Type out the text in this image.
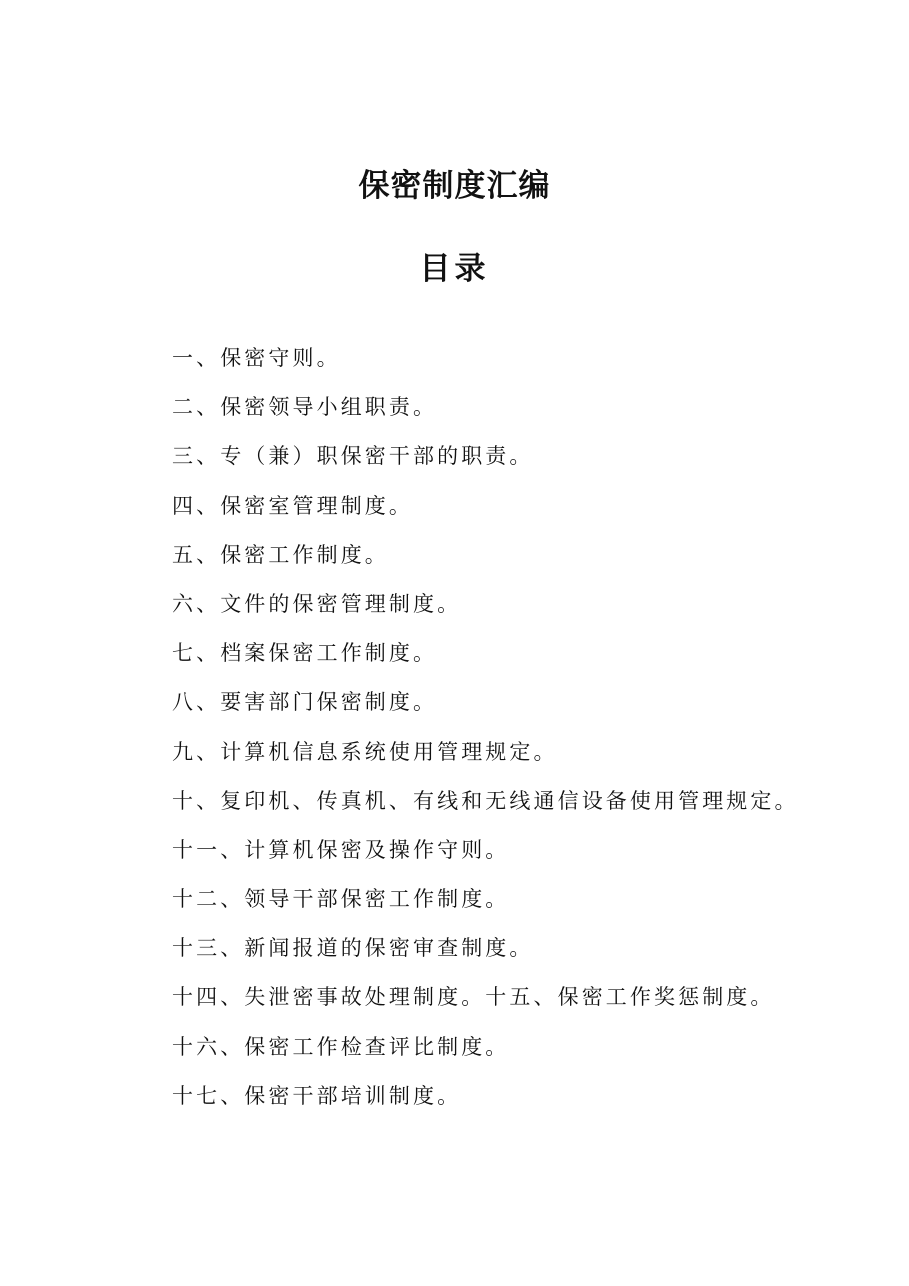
保密制度汇编
目录
一、保密守则。
二、保密领导小组职责。
三、专（兼）职保密干部的职责。
四、保密室管理制度。
五、保密工作制度。
六、文件的保密管理制度。
七、档案保密工作制度。
八、要害部门保密制度。
九、计算机信息系统使用管理规定。
十、复印机、传真机、有线和无线通信设备使用管理规定。
十一、计算机保密及操作守则。
十二、领导干部保密工作制度。
十三、新闻报道的保密审查制度。
十四、失泄密事故处理制度。十五、保密工作奖惩制度。
十六、保密工作检查评比制度。
十七、保密干部培训制度。
